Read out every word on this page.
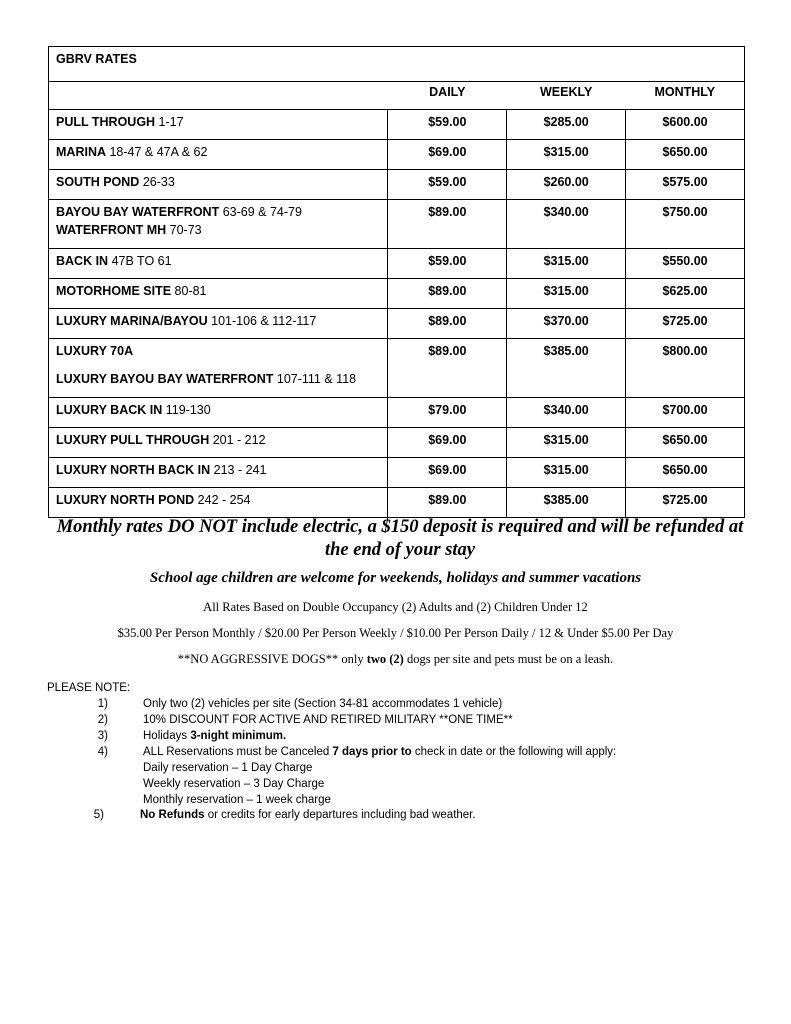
GBRV RATES			
	DAILY	WEEKLY	MONTHLY
PULL THROUGH 1-17	$59.00	$285.00	$600.00
MARINA 18-47 & 47A & 62	$69.00	$315.00	$650.00
SOUTH POND 26-33	$59.00	$260.00	$575.00
BAYOU BAY WATERFRONT 63-69 & 74-79
WATERFRONT MH 70-73	$89.00	$340.00	$750.00
BACK IN 47B TO 61	$59.00	$315.00	$550.00
MOTORHOME SITE 80-81	$89.00	$315.00	$625.00
LUXURY MARINA/BAYOU 101-106 & 112-117	$89.00	$370.00	$725.00
LUXURY 70A
LUXURY BAYOU BAY WATERFRONT 107-111 & 118	$89.00	$385.00	$800.00
LUXURY BACK IN 119-130	$79.00	$340.00	$700.00
LUXURY PULL THROUGH 201 - 212	$69.00	$315.00	$650.00
LUXURY NORTH BACK IN 213 - 241	$69.00	$315.00	$650.00
LUXURY NORTH POND 242 - 254	$89.00	$385.00	$725.00
Monthly rates DO NOT include electric, a $150 deposit is required and will be refunded at the end of your stay
School age children are welcome for weekends, holidays and summer vacations
All Rates Based on Double Occupancy (2) Adults and (2) Children Under 12
$35.00 Per Person Monthly / $20.00 Per Person Weekly / $10.00 Per Person Daily / 12 & Under $5.00 Per Day
**NO AGGRESSIVE DOGS** only two (2) dogs per site and pets must be on a leash.
PLEASE NOTE:
1)	Only two (2) vehicles per site (Section 34-81 accommodates 1 vehicle)
2)	10% DISCOUNT FOR ACTIVE AND RETIRED MILITARY **ONE TIME**
3)	Holidays 3-night minimum.
4)	ALL Reservations must be Canceled 7 days prior to check in date or the following will apply:
Daily reservation – 1 Day Charge
Weekly reservation – 3 Day Charge
Monthly reservation – 1 week charge
5)	No Refunds or credits for early departures including bad weather.
